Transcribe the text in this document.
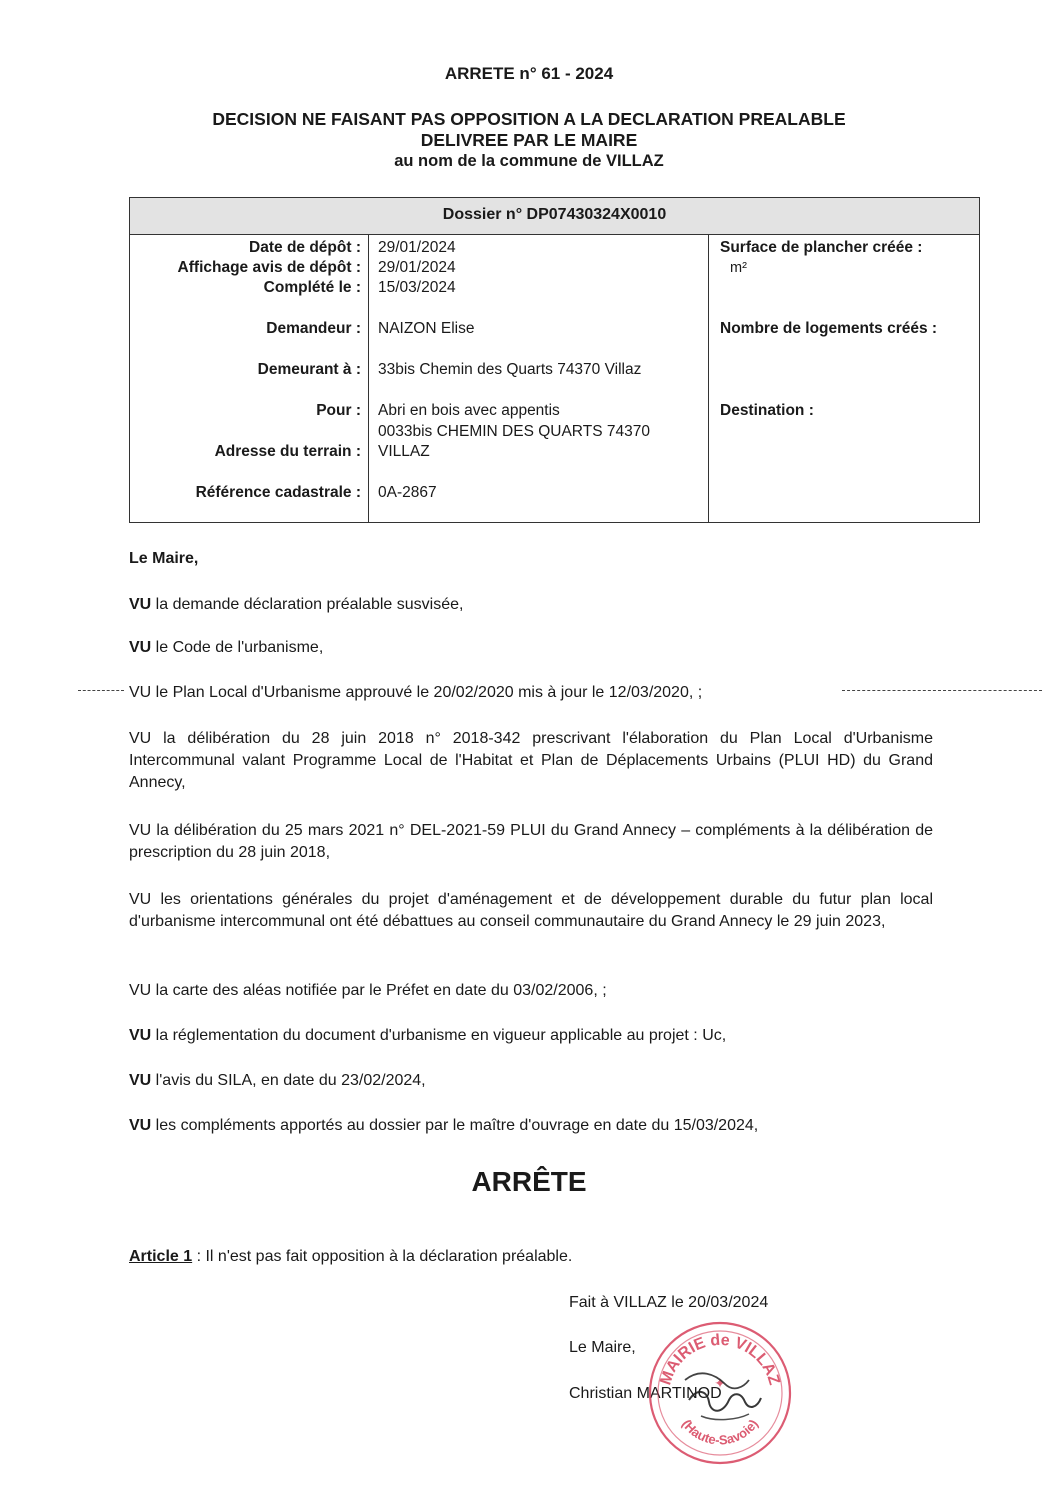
ARRETE n° 61 - 2024
DECISION NE FAISANT PAS OPPOSITION A LA DECLARATION PREALABLE
DELIVREE PAR LE MAIRE
au nom de la commune de VILLAZ
Dossier n° DP07430324X0010
Date de dépôt :
Affichage avis de dépôt :
Complété le :
Demandeur :
Demeurant à :
Pour :
Adresse du terrain :
Référence cadastrale :
29/01/2024
29/01/2024
15/03/2024
NAIZON Elise
33bis Chemin des Quarts 74370 Villaz
Abri en bois avec appentis
0033bis CHEMIN DES QUARTS 74370
VILLAZ
0A-2867
Surface de plancher créée :
m²
Nombre de logements créés :
Destination :
Le Maire,
VU la demande déclaration préalable susvisée,
VU le Code de l'urbanisme,
VU le Plan Local d'Urbanisme approuvé le 20/02/2020 mis à jour le 12/03/2020, ;
VU la délibération du 28 juin 2018 n° 2018-342 prescrivant l'élaboration du Plan Local d'Urbanisme Intercommunal valant Programme Local de l'Habitat et Plan de Déplacements Urbains (PLUI HD) du Grand Annecy,
VU la délibération du 25 mars 2021 n° DEL-2021-59 PLUI du Grand Annecy – compléments à la délibération de prescription du 28 juin 2018,
VU les orientations générales du projet d'aménagement et de développement durable du futur plan local d'urbanisme intercommunal ont été débattues au conseil communautaire du Grand Annecy le 29 juin 2023,
VU la carte des aléas notifiée par le Préfet en date du 03/02/2006, ;
VU la réglementation du document d'urbanisme en vigueur applicable au projet : Uc,
VU l'avis du SILA, en date du 23/02/2024,
VU les compléments apportés au dossier par le maître d'ouvrage en date du 15/03/2024,
ARRÊTE
Article 1 : Il n'est pas fait opposition à la déclaration préalable.
Fait à VILLAZ le 20/03/2024
Le Maire,
Christian MARTINOD
MAIRIE de VILLAZ
(Haute-Savoie)
✦
